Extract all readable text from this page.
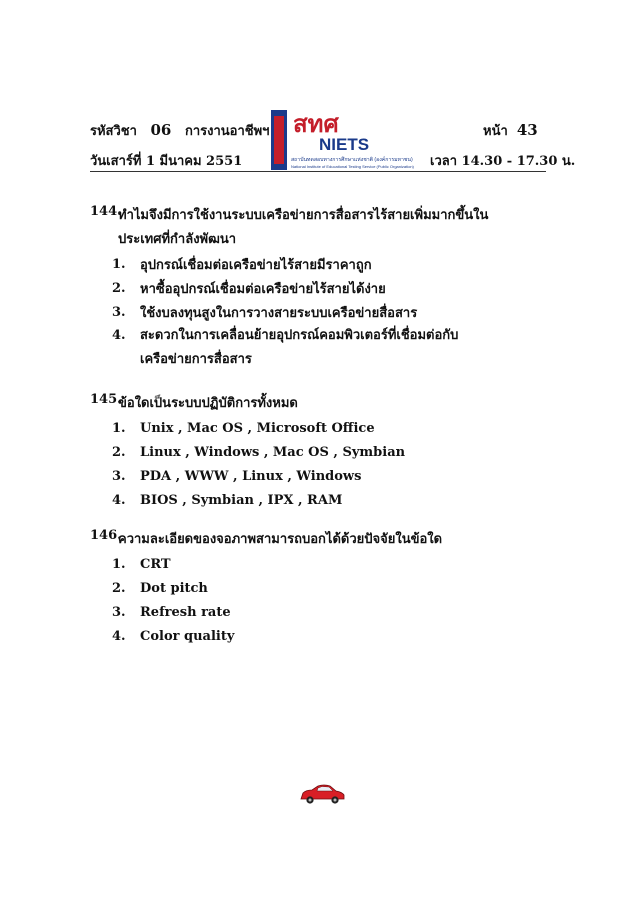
รหัสวิชา 06 การงานอาชีพฯ
วันเสาร์ที่ 1 มีนาคม 2551
หน้า 43
เวลา 14.30 - 17.30 น.
สทศ
NIETS
สถาบันทดสอบทางการศึกษาแห่งชาติ (องค์การมหาชน)
National Institute of Educational Testing Service (Public Organization)
144.
ทำไมจึงมีการใช้งานระบบเครือข่ายการสื่อสารไร้สายเพิ่มมากขึ้นในประเทศที่กำลังพัฒนา
1.	อุปกรณ์เชื่อมต่อเครือข่ายไร้สายมีราคาถูก
2.	หาซื้ออุปกรณ์เชื่อมต่อเครือข่ายไร้สายได้ง่าย
3.	ใช้งบลงทุนสูงในการวางสายระบบเครือข่ายสื่อสาร
4.	สะดวกในการเคลื่อนย้ายอุปกรณ์คอมพิวเตอร์ที่เชื่อมต่อกับเครือข่ายการสื่อสาร
145.
ข้อใดเป็นระบบปฏิบัติการทั้งหมด
1.	Unix , Mac OS , Microsoft Office
2.	Linux , Windows , Mac OS , Symbian
3.	PDA , WWW , Linux , Windows
4.	BIOS , Symbian , IPX , RAM
146.
ความละเอียดของจอภาพสามารถบอกได้ด้วยปัจจัยในข้อใด
1.	CRT
2.	Dot pitch
3.	Refresh rate
4.	Color quality
